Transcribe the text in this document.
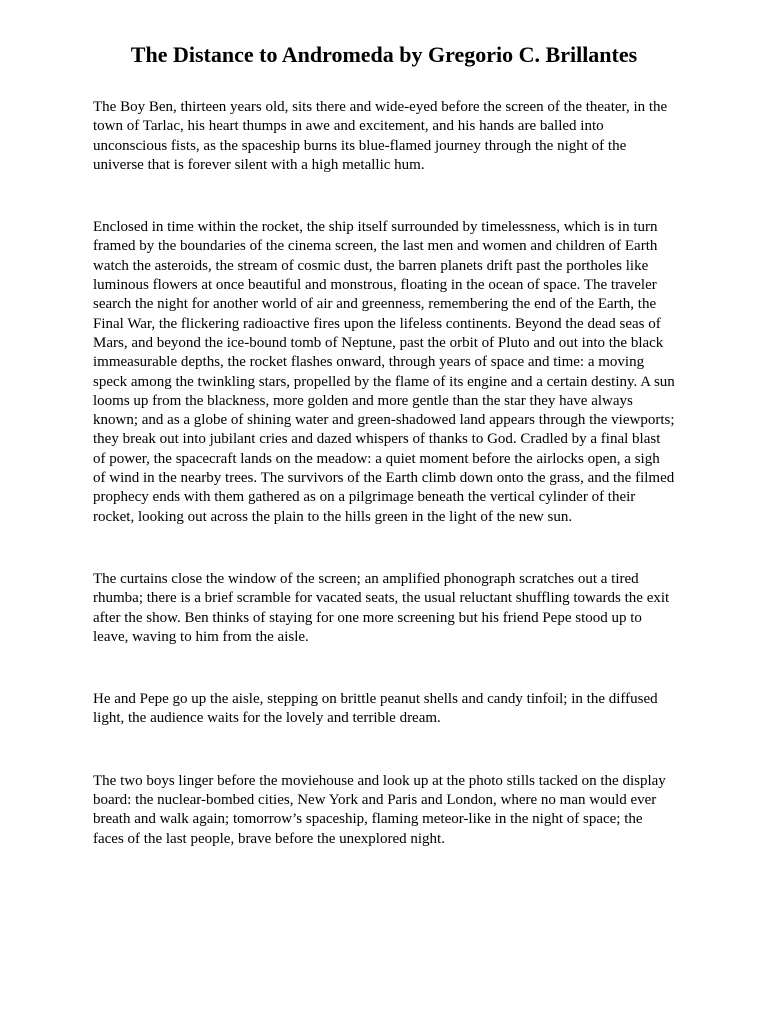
The Distance to Andromeda by Gregorio C. Brillantes

The Boy Ben, thirteen years old, sits there and wide-eyed before the screen of the theater, in the town of Tarlac, his heart thumps in awe and excitement, and his hands are balled into unconscious fists, as the spaceship burns its blue-flamed journey through the night of the universe that is forever silent with a high metallic hum.

Enclosed in time within the rocket, the ship itself surrounded by timelessness, which is in turn framed by the boundaries of the cinema screen, the last men and women and children of Earth watch the asteroids, the stream of cosmic dust, the barren planets drift past the portholes like luminous flowers at once beautiful and monstrous, floating in the ocean of space. The traveler search the night for another world of air and greenness, remembering the end of the Earth, the Final War, the flickering radioactive fires upon the lifeless continents. Beyond the dead seas of Mars, and beyond the ice-bound tomb of Neptune, past the orbit of Pluto and out into the black immeasurable depths, the rocket flashes onward, through years of space and time: a moving speck among the twinkling stars, propelled by the flame of its engine and a certain destiny. A sun looms up from the blackness, more golden and more gentle than the star they have always known; and as a globe of shining water and green-shadowed land appears through the viewports; they break out into jubilant cries and dazed whispers of thanks to God. Cradled by a final blast of power, the spacecraft lands on the meadow: a quiet moment before the airlocks open, a sigh of wind in the nearby trees. The survivors of the Earth climb down onto the grass, and the filmed prophecy ends with them gathered as on a pilgrimage beneath the vertical cylinder of their rocket, looking out across the plain to the hills green in the light of the new sun.

The curtains close the window of the screen; an amplified phonograph scratches out a tired rhumba; there is a brief scramble for vacated seats, the usual reluctant shuffling towards the exit after the show. Ben thinks of staying for one more screening but his friend Pepe stood up to leave, waving to him from the aisle.

He and Pepe go up the aisle, stepping on brittle peanut shells and candy tinfoil; in the diffused light, the audience waits for the lovely and terrible dream.

The two boys linger before the moviehouse and look up at the photo stills tacked on the display board: the nuclear-bombed cities, New York and Paris and London, where no man would ever breath and walk again; tomorrow’s spaceship, flaming meteor-like in the night of space; the faces of the last people, brave before the unexplored night.
